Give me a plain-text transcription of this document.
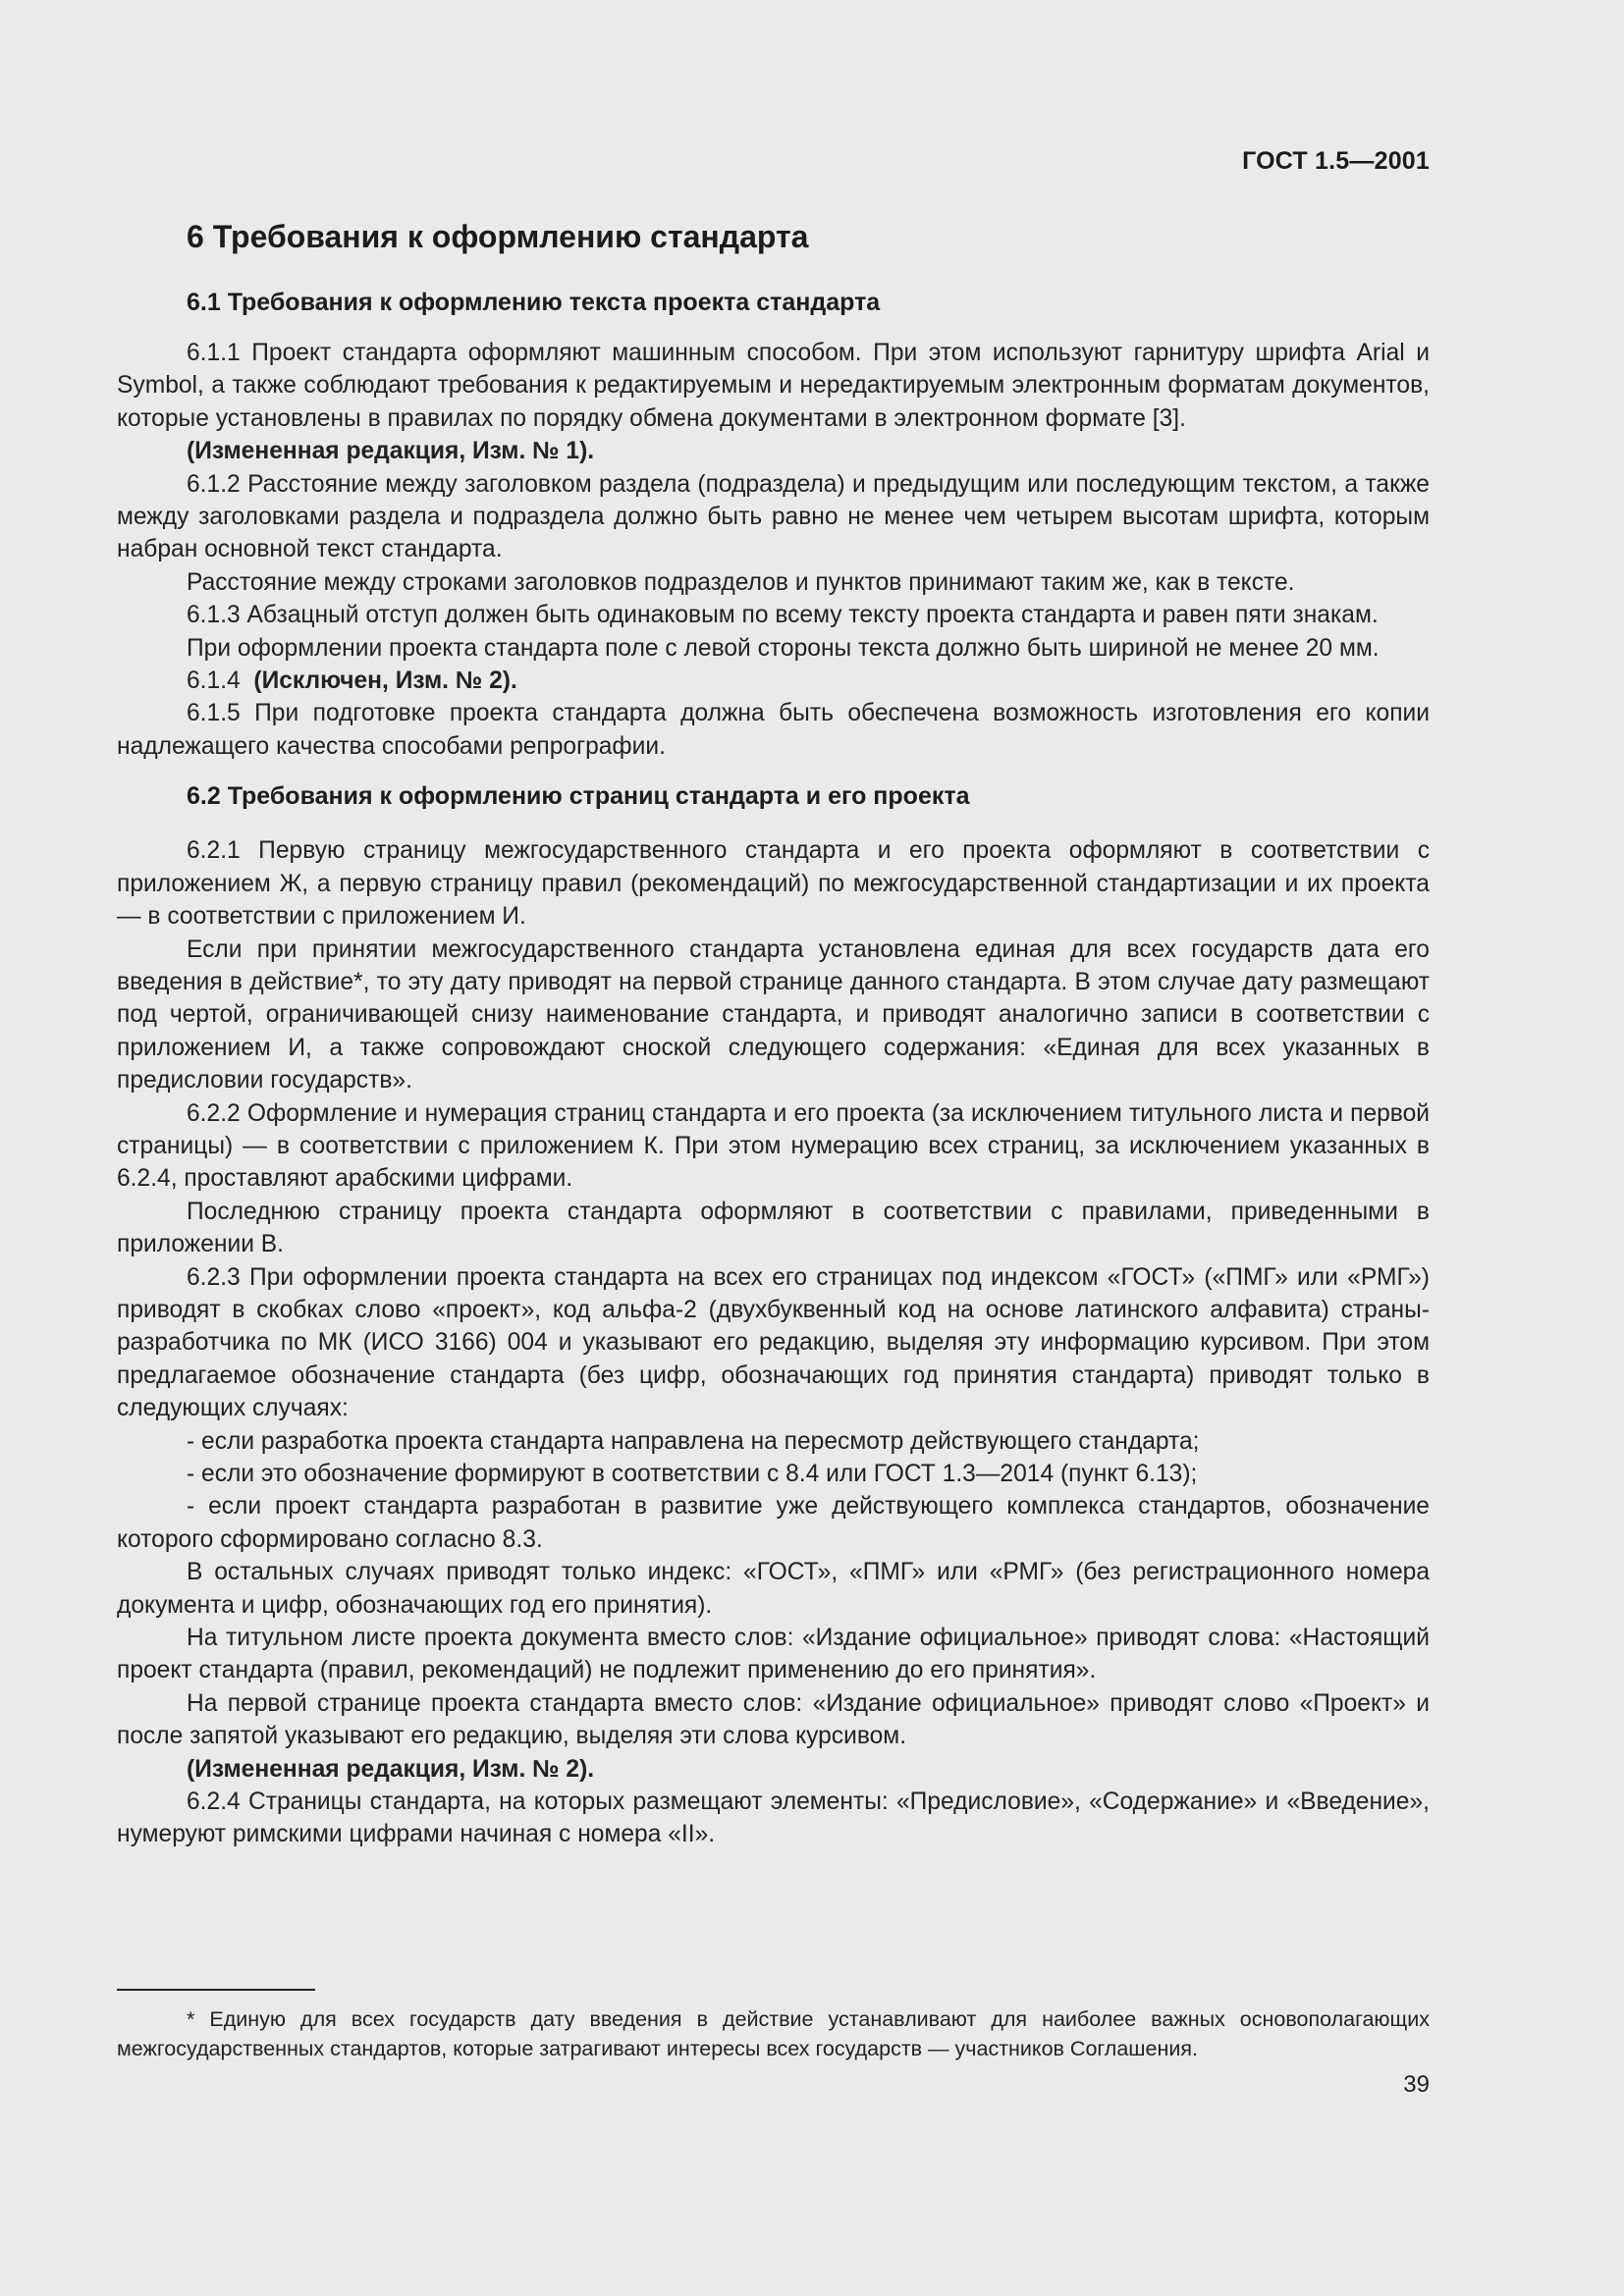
ГОСТ 1.5—2001
6 Требования к оформлению стандарта
6.1 Требования к оформлению текста проекта стандарта

6.1.1 Проект стандарта оформляют машинным способом. При этом используют гарнитуру шрифта Arial и Symbol, а также соблюдают требования к редактируемым и нередактируемым электронным форматам документов, которые установлены в правилах по порядку обмена документами в электронном формате [3].

(Измененная редакция, Изм. № 1).

6.1.2 Расстояние между заголовком раздела (подраздела) и предыдущим или последующим текстом, а также между заголовками раздела и подраздела должно быть равно не менее чем четырем высотам шрифта, которым набран основной текст стандарта.

Расстояние между строками заголовков подразделов и пунктов принимают таким же, как в тексте.

6.1.3 Абзацный отступ должен быть одинаковым по всему тексту проекта стандарта и равен пяти знакам.

При оформлении проекта стандарта поле с левой стороны текста должно быть шириной не менее 20 мм.

6.1.4 (Исключен, Изм. № 2).

6.1.5 При подготовке проекта стандарта должна быть обеспечена возможность изготовления его копии надлежащего качества способами репрографии.

6.2 Требования к оформлению страниц стандарта и его проекта

6.2.1 Первую страницу межгосударственного стандарта и его проекта оформляют в соответствии с приложением Ж, а первую страницу правил (рекомендаций) по межгосударственной стандартизации и их проекта — в соответствии с приложением И.

Если при принятии межгосударственного стандарта установлена единая для всех государств дата его введения в действие*, то эту дату приводят на первой странице данного стандарта. В этом случае дату размещают под чертой, ограничивающей снизу наименование стандарта, и приводят аналогично записи в соответствии с приложением И, а также сопровождают сноской следующего содержания: «Единая для всех указанных в предисловии государств».

6.2.2 Оформление и нумерация страниц стандарта и его проекта (за исключением титульного листа и первой страницы) — в соответствии с приложением К. При этом нумерацию всех страниц, за исключением указанных в 6.2.4, проставляют арабскими цифрами.

Последнюю страницу проекта стандарта оформляют в соответствии с правилами, приведенными в приложении В.

6.2.3 При оформлении проекта стандарта на всех его страницах под индексом «ГОСТ» («ПМГ» или «РМГ») приводят в скобках слово «проект», код альфа-2 (двухбуквенный код на основе латинского алфавита) страны-разработчика по МК (ИСО 3166) 004 и указывают его редакцию, выделяя эту информацию курсивом. При этом предлагаемое обозначение стандарта (без цифр, обозначающих год принятия стандарта) приводят только в следующих случаях:

- если разработка проекта стандарта направлена на пересмотр действующего стандарта;

- если это обозначение формируют в соответствии с 8.4 или ГОСТ 1.3—2014 (пункт 6.13);

- если проект стандарта разработан в развитие уже действующего комплекса стандартов, обозначение которого сформировано согласно 8.3.

В остальных случаях приводят только индекс: «ГОСТ», «ПМГ» или «РМГ» (без регистрационного номера документа и цифр, обозначающих год его принятия).

На титульном листе проекта документа вместо слов: «Издание официальное» приводят слова: «Настоящий проект стандарта (правил, рекомендаций) не подлежит применению до его принятия».

На первой странице проекта стандарта вместо слов: «Издание официальное» приводят слово «Проект» и после запятой указывают его редакцию, выделяя эти слова курсивом.

(Измененная редакция, Изм. № 2).

6.2.4 Страницы стандарта, на которых размещают элементы: «Предисловие», «Содержание» и «Введение», нумеруют римскими цифрами начиная с номера «II».

* Единую для всех государств дату введения в действие устанавливают для наиболее важных основополагающих межгосударственных стандартов, которые затрагивают интересы всех государств — участников Соглашения.

39
